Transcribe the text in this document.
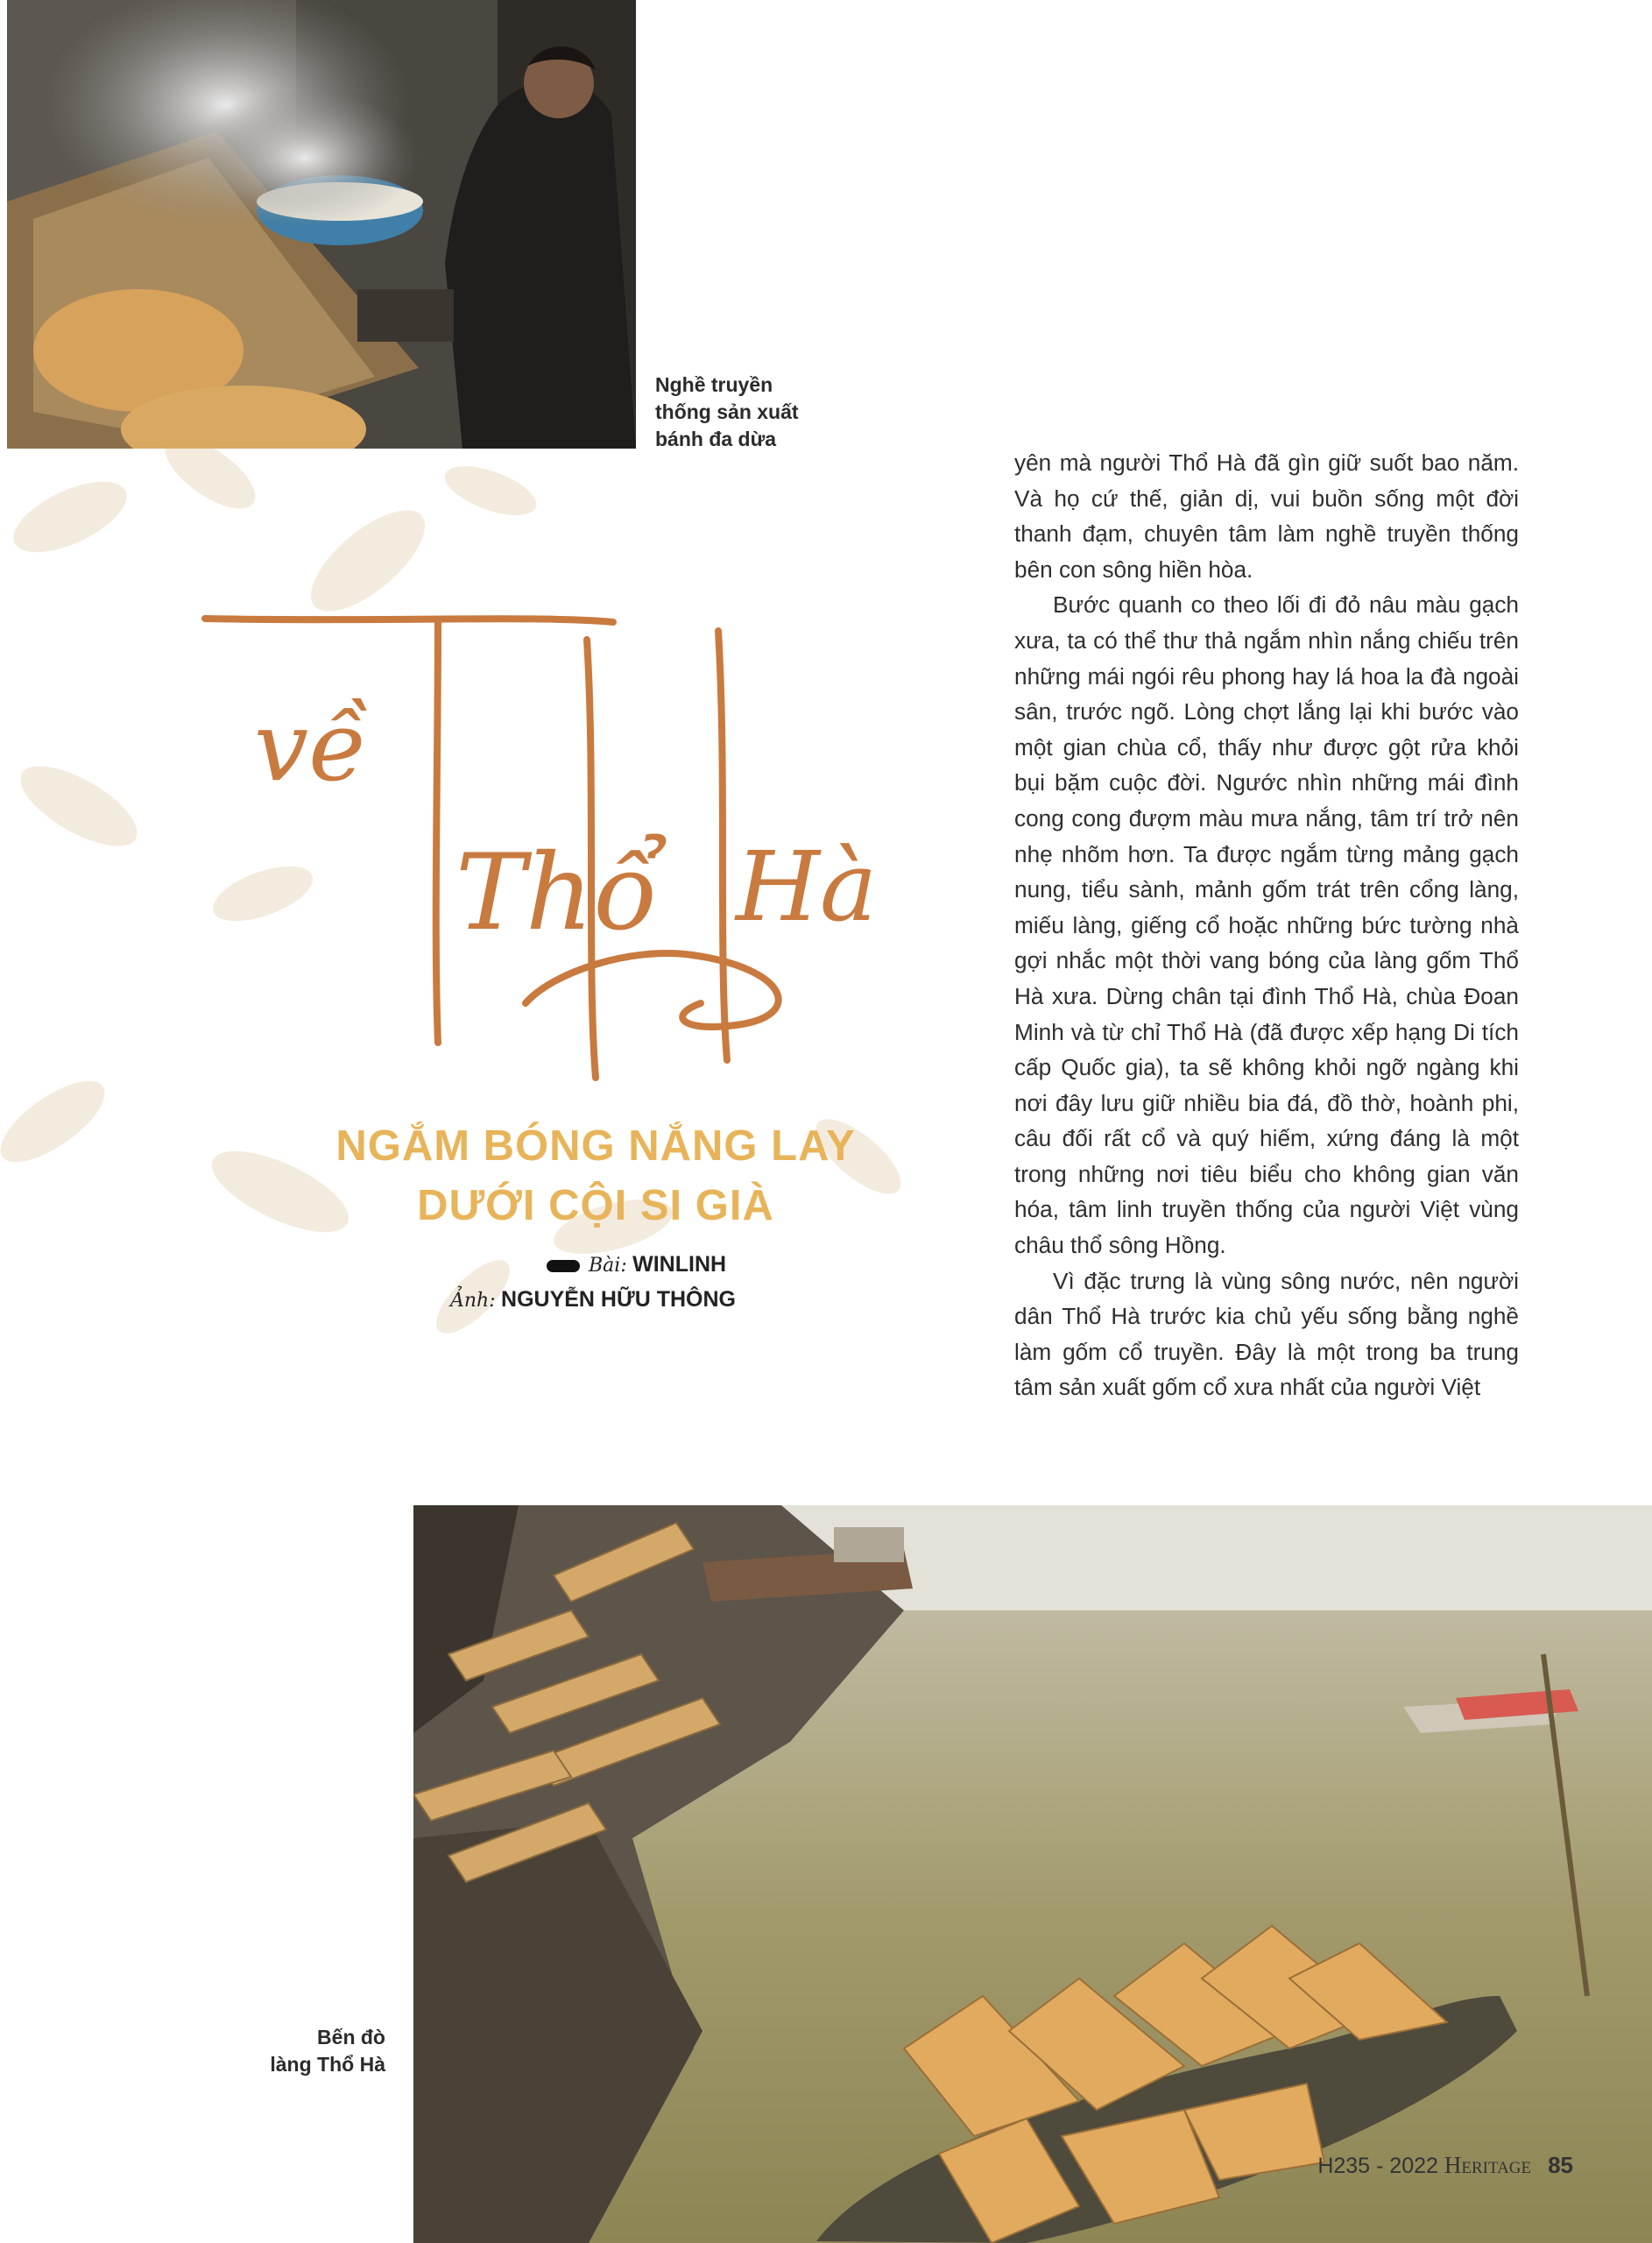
Nghề truyền
thống sản xuất
bánh đa dừa
về
Thổ Hà
NGẮM BÓNG NẮNG LAY
DƯỚI CỘI SI GIÀ
Bài: WINLINH
Ảnh: NGUYỄN HỮU THÔNG

yên mà người Thổ Hà đã gìn giữ suốt bao năm. Và họ cứ thế, giản dị, vui buồn sống một đời thanh đạm, chuyên tâm làm nghề truyền thống bên con sông hiền hòa.

Bước quanh co theo lối đi đỏ nâu màu gạch xưa, ta có thể thư thả ngắm nhìn nắng chiếu trên những mái ngói rêu phong hay lá hoa la đà ngoài sân, trước ngõ. Lòng chợt lắng lại khi bước vào một gian chùa cổ, thấy như được gột rửa khỏi bụi bặm cuộc đời. Ngước nhìn những mái đình cong cong đượm màu mưa nắng, tâm trí trở nên nhẹ nhõm hơn. Ta được ngắm từng mảng gạch nung, tiểu sành, mảnh gốm trát trên cổng làng, miếu làng, giếng cổ hoặc những bức tường nhà gợi nhắc một thời vang bóng của làng gốm Thổ Hà xưa. Dừng chân tại đình Thổ Hà, chùa Đoan Minh và từ chỉ Thổ Hà (đã được xếp hạng Di tích cấp Quốc gia), ta sẽ không khỏi ngỡ ngàng khi nơi đây lưu giữ nhiều bia đá, đồ thờ, hoành phi, câu đối rất cổ và quý hiếm, xứng đáng là một trong những nơi tiêu biểu cho không gian văn hóa, tâm linh truyền thống của người Việt vùng châu thổ sông Hồng.

Vì đặc trưng là vùng sông nước, nên người dân Thổ Hà trước kia chủ yếu sống bằng nghề làm gốm cổ truyền. Đây là một trong ba trung tâm sản xuất gốm cổ xưa nhất của người Việt

Bến đò
làng Thổ Hà
H235 - 2022 Heritage 85
